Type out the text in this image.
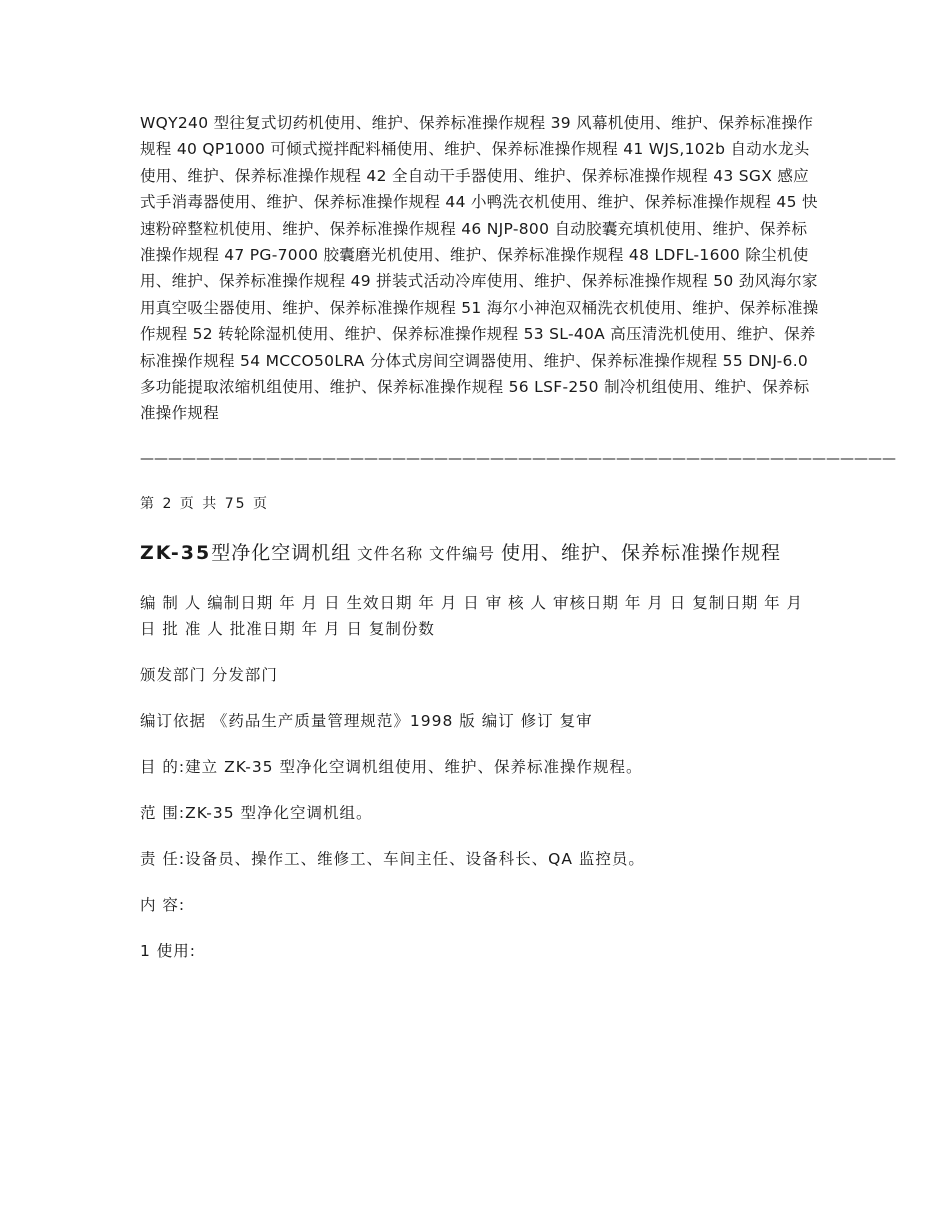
WQY240 型往复式切药机使用、维护、保养标准操作规程 39 风幕机使用、维护、保养标准操作规程 40 QP1000 可倾式搅拌配料桶使用、维护、保养标准操作规程 41 WJS,102b 自动水龙头使用、维护、保养标准操作规程 42 全自动干手器使用、维护、保养标准操作规程 43 SGX 感应式手消毒器使用、维护、保养标准操作规程 44 小鸭洗衣机使用、维护、保养标准操作规程 45 快速粉碎整粒机使用、维护、保养标准操作规程 46 NJP-800 自动胶囊充填机使用、维护、保养标准操作规程 47 PG-7000 胶囊磨光机使用、维护、保养标准操作规程 48 LDFL-1600 除尘机使用、维护、保养标准操作规程 49 拼装式活动冷库使用、维护、保养标准操作规程 50 劲风海尔家用真空吸尘器使用、维护、保养标准操作规程 51 海尔小神泡双桶洗衣机使用、维护、保养标准操作规程 52 转轮除湿机使用、维护、保养标准操作规程 53 SL-40A 高压清洗机使用、维护、保养标准操作规程 54 MCCO50LRA 分体式房间空调器使用、维护、保养标准操作规程 55 DNJ-6.0 多功能提取浓缩机组使用、维护、保养标准操作规程 56 LSF-250 制冷机组使用、维护、保养标准操作规程

——————————————————————————————————————————————————————
第 2 页 共 75 页
ZK-35型净化空调机组 文件名称 文件编号 使用、维护、保养标准操作规程
编 制 人 编制日期 年 月 日 生效日期 年 月 日 审 核 人 审核日期 年 月 日 复制日期 年 月 日 批 准 人 批准日期 年 月 日 复制份数
颁发部门 分发部门
编订依据 《药品生产质量管理规范》1998 版 编订 修订 复审
目 的:建立 ZK-35 型净化空调机组使用、维护、保养标准操作规程。
范 围:ZK-35 型净化空调机组。
责 任:设备员、操作工、维修工、车间主任、设备科长、QA 监控员。
内 容:
1 使用:
